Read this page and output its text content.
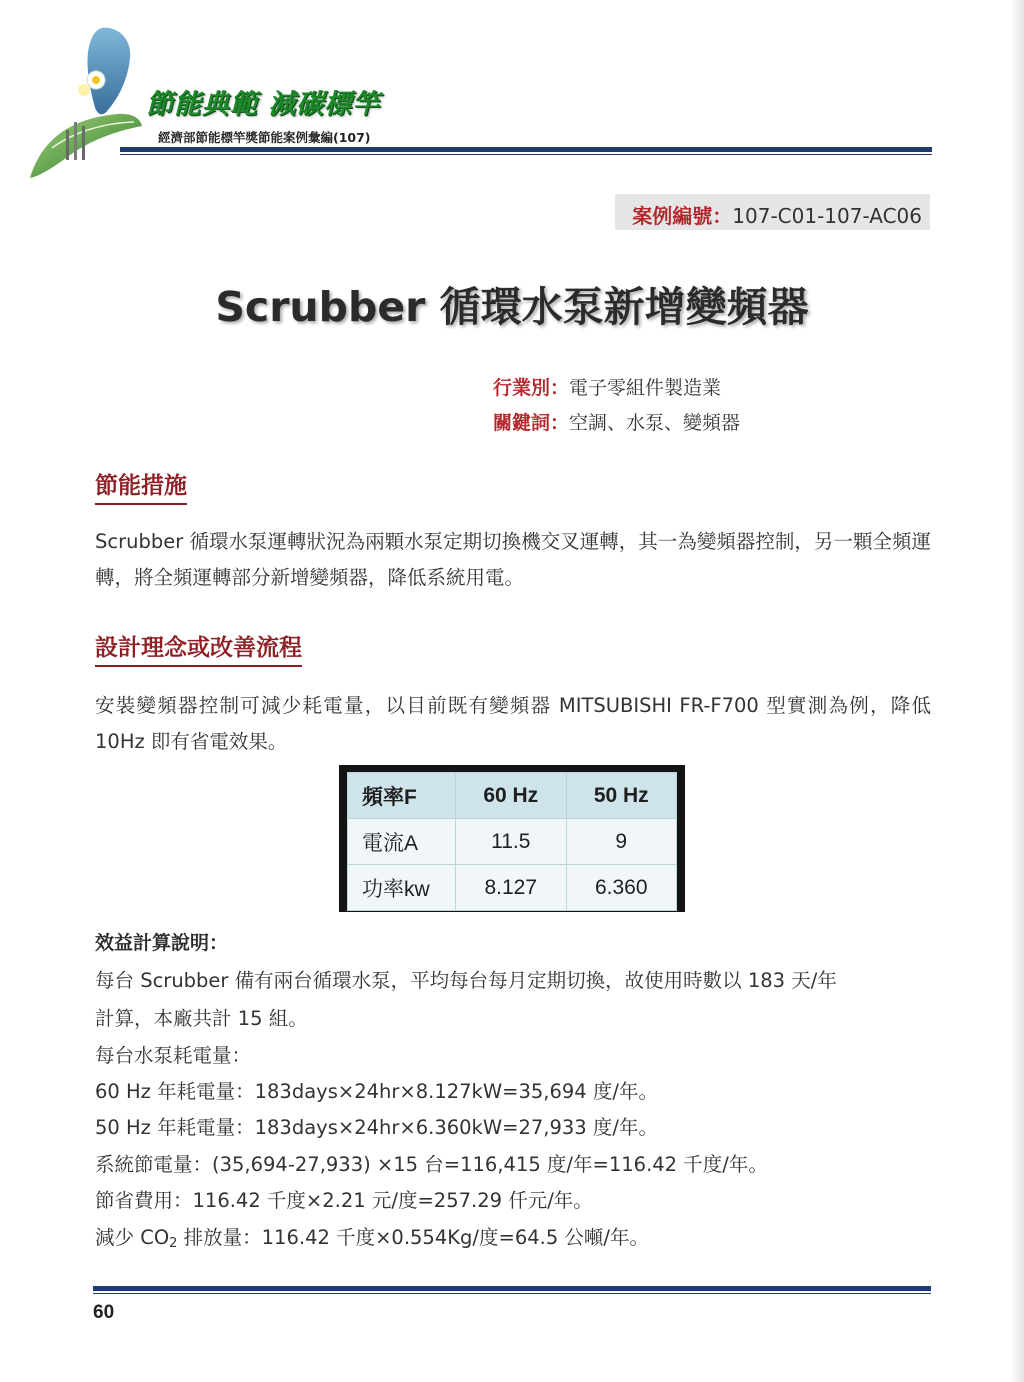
節能典範 減碳標竿
經濟部節能標竿獎節能案例彙編(107)
案例編號：107-C01-107-AC06
Scrubber 循環水泵新增變頻器
行業別：電子零組件製造業
關鍵詞：空調、水泵、變頻器
節能措施
Scrubber 循環水泵運轉狀況為兩顆水泵定期切換機交叉運轉，其一為變頻器控制，另一顆全頻運轉，將全頻運轉部分新增變頻器，降低系統用電。
設計理念或改善流程
安裝變頻器控制可減少耗電量，以目前既有變頻器 MITSUBISHI FR-F700 型實測為例，降低 10Hz 即有省電效果。
頻率F	60 Hz	50 Hz
電流A	11.5	9
功率kw	8.127	6.360
效益計算說明：
每台 Scrubber 備有兩台循環水泵，平均每台每月定期切換，故使用時數以 183 天/年
計算，本廠共計 15 組。
每台水泵耗電量：
60 Hz 年耗電量：183days×24hr×8.127kW=35,694 度/年。
50 Hz 年耗電量：183days×24hr×6.360kW=27,933 度/年。
系統節電量：(35,694-27,933) ×15 台=116,415 度/年=116.42 千度/年。
節省費用：116.42 千度×2.21 元/度=257.29 仟元/年。
減少 $CO_2$ 排放量：116.42 千度×0.554Kg/度=64.5 公噸/年。
60
